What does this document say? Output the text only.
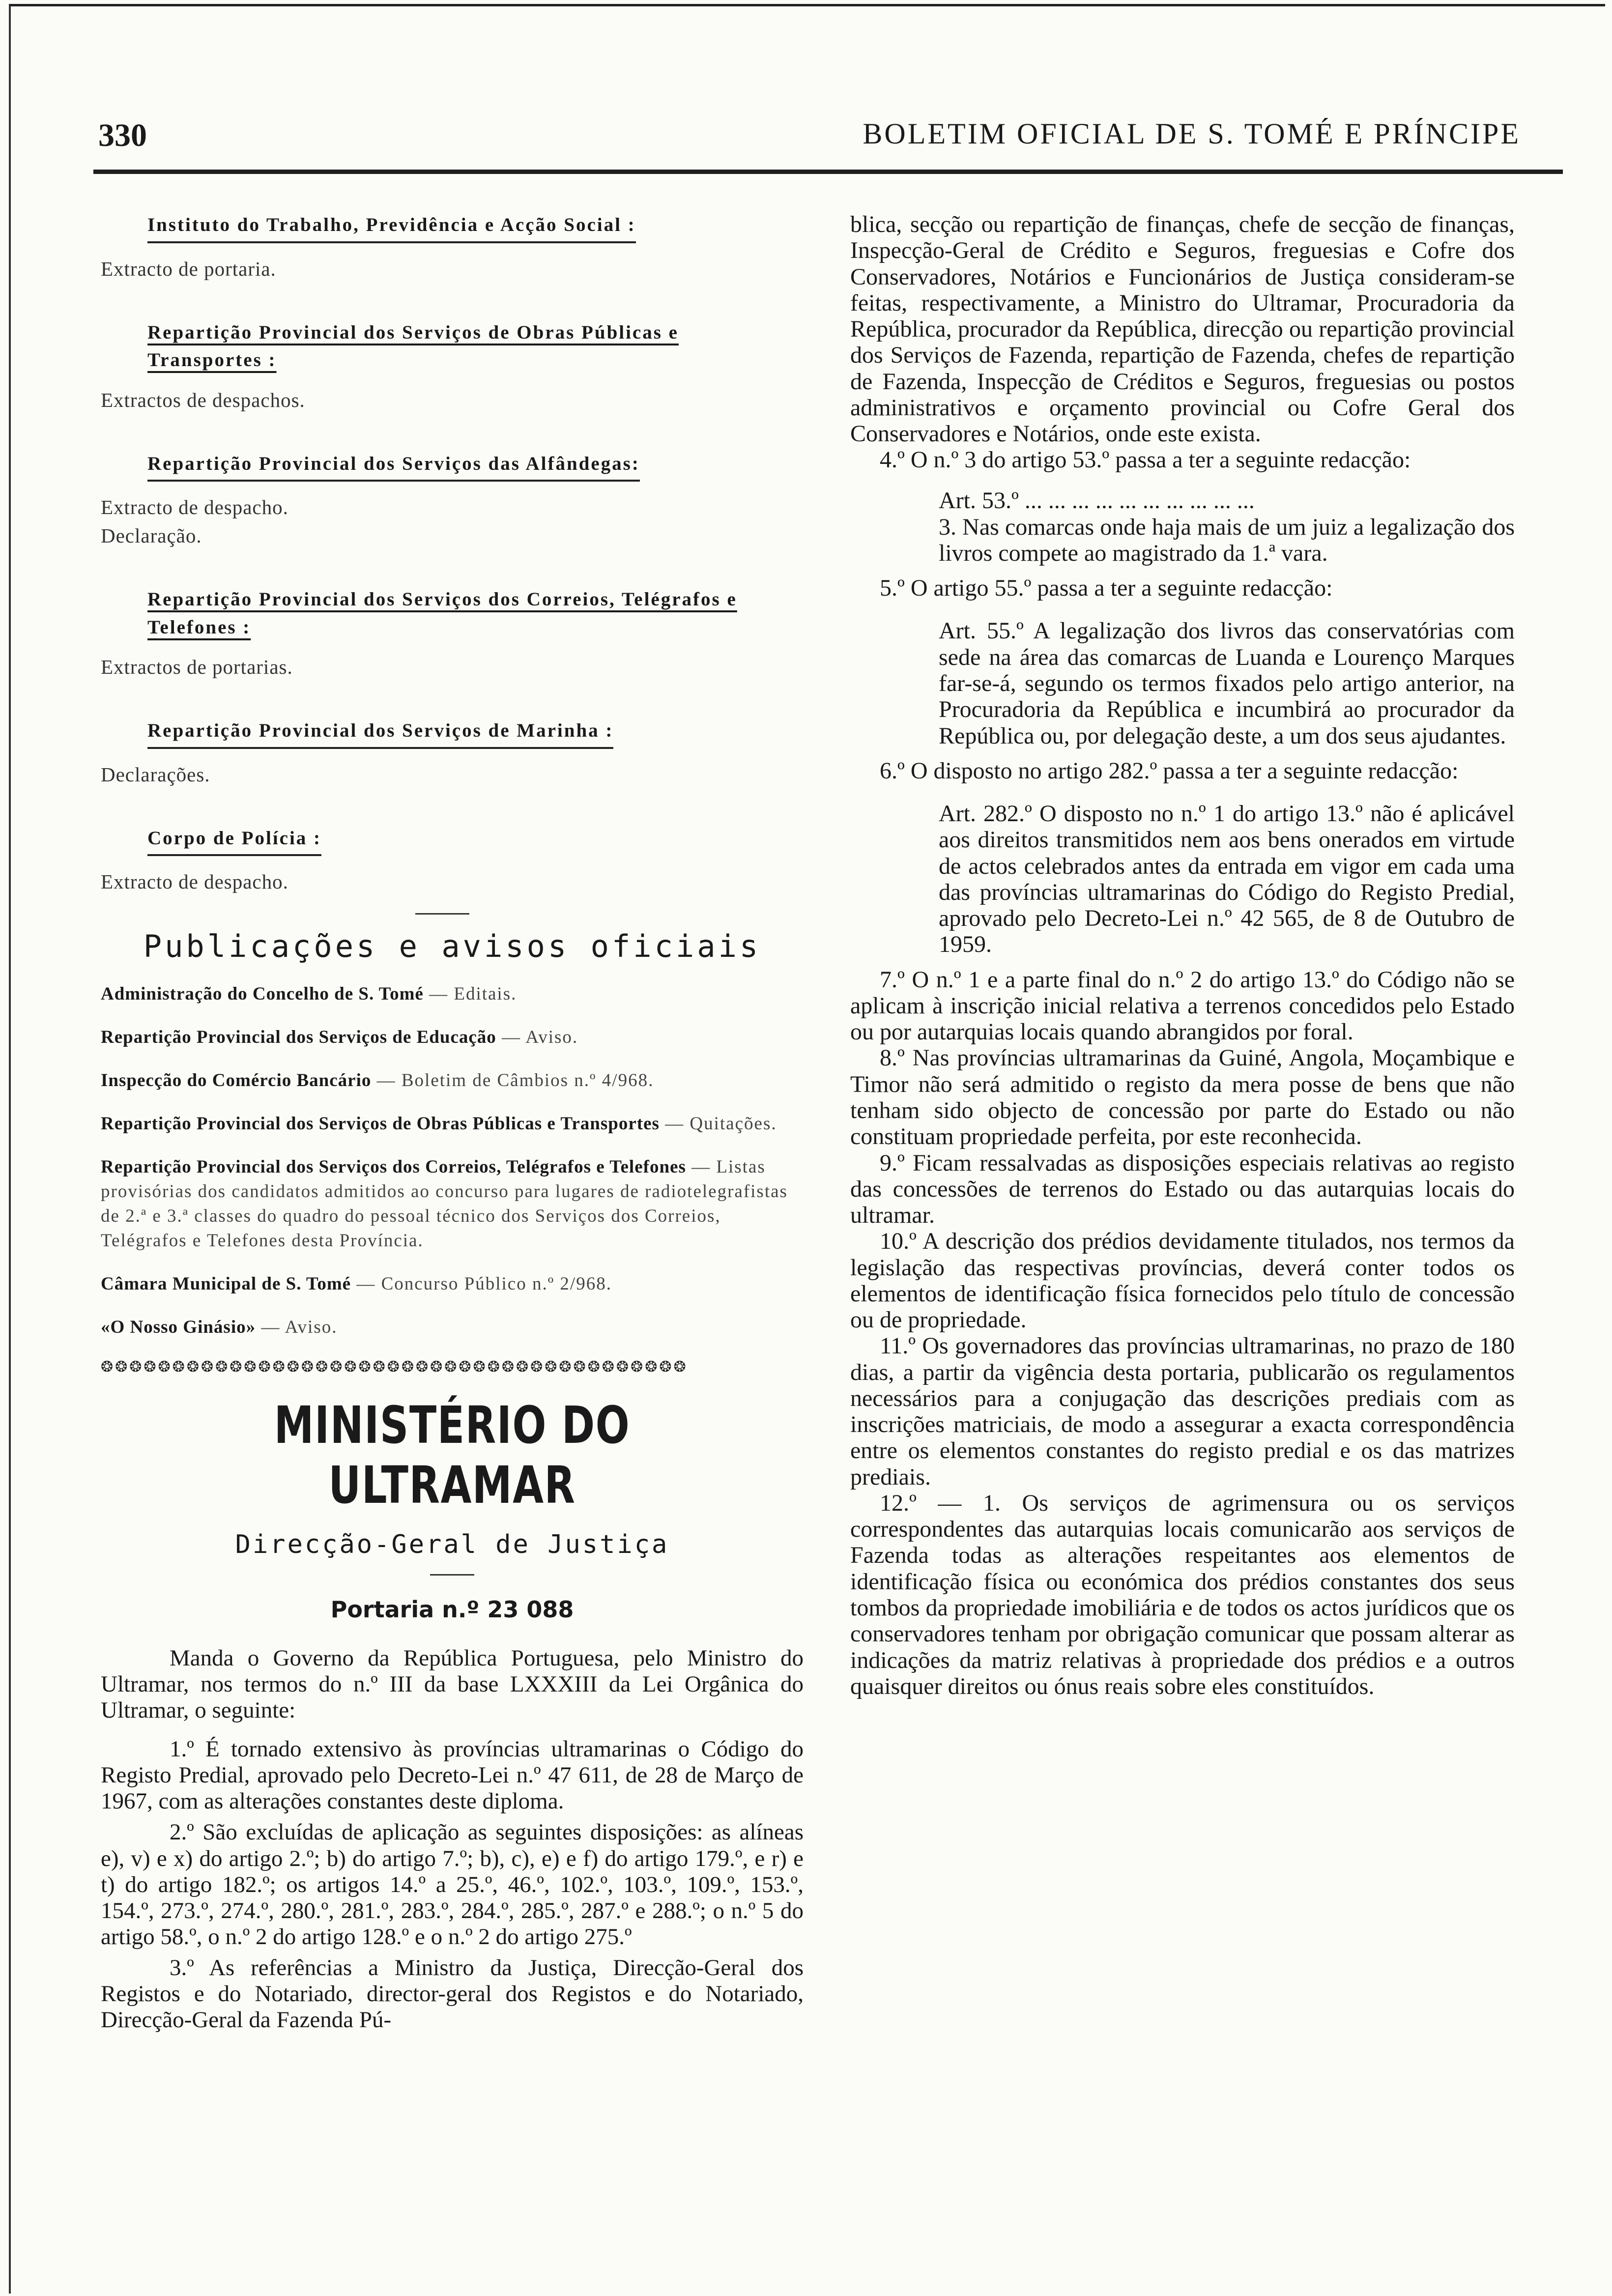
330	BOLETIM OFICIAL DE S. TOMÉ E PRÍNCIPE
Instituto do Trabalho, Previdência e Acção Social :

Extracto de portaria.

Repartição Provincial dos Serviços de Obras Públicas e Transportes :

Extractos de despachos.

Repartição Provincial dos Serviços das Alfândegas:

Extracto de despacho.

Declaração.

Repartição Provincial dos Serviços dos Correios, Telégrafos e Telefones :

Extractos de portarias.

Repartição Provincial dos Serviços de Marinha :

Declarações.

Corpo de Polícia :

Extracto de despacho.

Publicações e avisos oficiais

Administração do Concelho de S. Tomé — Editais.

Repartição Provincial dos Serviços de Educação — Aviso.

Inspecção do Comércio Bancário — Boletim de Câmbios n.º 4/968.

Repartição Provincial dos Serviços de Obras Públicas e Transportes — Quitações.

Repartição Provincial dos Serviços dos Correios, Telégrafos e Telefones — Listas provisórias dos candidatos admitidos ao concurso para lugares de radiotelegrafistas de 2.ª e 3.ª classes do quadro do pessoal técnico dos Serviços dos Correios, Telégrafos e Telefones desta Província.

Câmara Municipal de S. Tomé — Concurso Público n.º 2/968.

«O Nosso Ginásio» — Aviso.

❂❂❂❂❂❂❂❂❂❂❂❂❂❂❂❂❂❂❂❂❂❂❂❂❂❂❂❂❂❂❂❂❂❂❂❂❂❂❂❂❂
MINISTÉRIO DO ULTRAMAR
Direcção-Geral de Justiça
Portaria n.º 23 088

Manda o Governo da República Portuguesa, pelo Ministro do Ultramar, nos termos do n.º III da base LXXXIII da Lei Orgânica do Ultramar, o seguinte:

1.º É tornado extensivo às províncias ultramarinas o Código do Registo Predial, aprovado pelo Decreto-Lei n.º 47 611, de 28 de Março de 1967, com as alterações constantes deste diploma.

2.º São excluídas de aplicação as seguintes disposições: as alíneas e), v) e x) do artigo 2.º; b) do artigo 7.º; b), c), e) e f) do artigo 179.º, e r) e t) do artigo 182.º; os artigos 14.º a 25.º, 46.º, 102.º, 103.º, 109.º, 153.º, 154.º, 273.º, 274.º, 280.º, 281.º, 283.º, 284.º, 285.º, 287.º e 288.º; o n.º 5 do artigo 58.º, o n.º 2 do artigo 128.º e o n.º 2 do artigo 275.º

3.º As referências a Ministro da Justiça, Direcção-Geral dos Registos e do Notariado, director-geral dos Registos e do Notariado, Direcção-Geral da Fazenda Pú-

blica, secção ou repartição de finanças, chefe de secção de finanças, Inspecção-Geral de Crédito e Seguros, freguesias e Cofre dos Conservadores, Notários e Funcionários de Justiça consideram-se feitas, respectivamente, a Ministro do Ultramar, Procuradoria da República, procurador da República, direcção ou repartição provincial dos Serviços de Fazenda, repartição de Fazenda, chefes de repartição de Fazenda, Inspecção de Créditos e Seguros, freguesias ou postos administrativos e orçamento provincial ou Cofre Geral dos Conservadores e Notários, onde este exista.

4.º O n.º 3 do artigo 53.º passa a ter a seguinte redacção:

Art. 53.º ... ... ... ... ... ... ... ... ... ...

3. Nas comarcas onde haja mais de um juiz a legalização dos livros compete ao magistrado da 1.ª vara.

5.º O artigo 55.º passa a ter a seguinte redacção:

Art. 55.º A legalização dos livros das conservatórias com sede na área das comarcas de Luanda e Lourenço Marques far-se-á, segundo os termos fixados pelo artigo anterior, na Procuradoria da República e incumbirá ao procurador da República ou, por delegação deste, a um dos seus ajudantes.

6.º O disposto no artigo 282.º passa a ter a seguinte redacção:

Art. 282.º O disposto no n.º 1 do artigo 13.º não é aplicável aos direitos transmitidos nem aos bens onerados em virtude de actos celebrados antes da entrada em vigor em cada uma das províncias ultramarinas do Código do Registo Predial, aprovado pelo Decreto-Lei n.º 42 565, de 8 de Outubro de 1959.

7.º O n.º 1 e a parte final do n.º 2 do artigo 13.º do Código não se aplicam à inscrição inicial relativa a terrenos concedidos pelo Estado ou por autarquias locais quando abrangidos por foral.

8.º Nas províncias ultramarinas da Guiné, Angola, Moçambique e Timor não será admitido o registo da mera posse de bens que não tenham sido objecto de concessão por parte do Estado ou não constituam propriedade perfeita, por este reconhecida.

9.º Ficam ressalvadas as disposições especiais relativas ao registo das concessões de terrenos do Estado ou das autarquias locais do ultramar.

10.º A descrição dos prédios devidamente titulados, nos termos da legislação das respectivas províncias, deverá conter todos os elementos de identificação física fornecidos pelo título de concessão ou de propriedade.

11.º Os governadores das províncias ultramarinas, no prazo de 180 dias, a partir da vigência desta portaria, publicarão os regulamentos necessários para a conjugação das descrições prediais com as inscrições matriciais, de modo a assegurar a exacta correspondência entre os elementos constantes do registo predial e os das matrizes prediais.

12.º — 1. Os serviços de agrimensura ou os serviços correspondentes das autarquias locais comunicarão aos serviços de Fazenda todas as alterações respeitantes aos elementos de identificação física ou económica dos prédios constantes dos seus tombos da propriedade imobiliária e de todos os actos jurídicos que os conservadores tenham por obrigação comunicar que possam alterar as indicações da matriz relativas à propriedade dos prédios e a outros quaisquer direitos ou ónus reais sobre eles constituídos.
